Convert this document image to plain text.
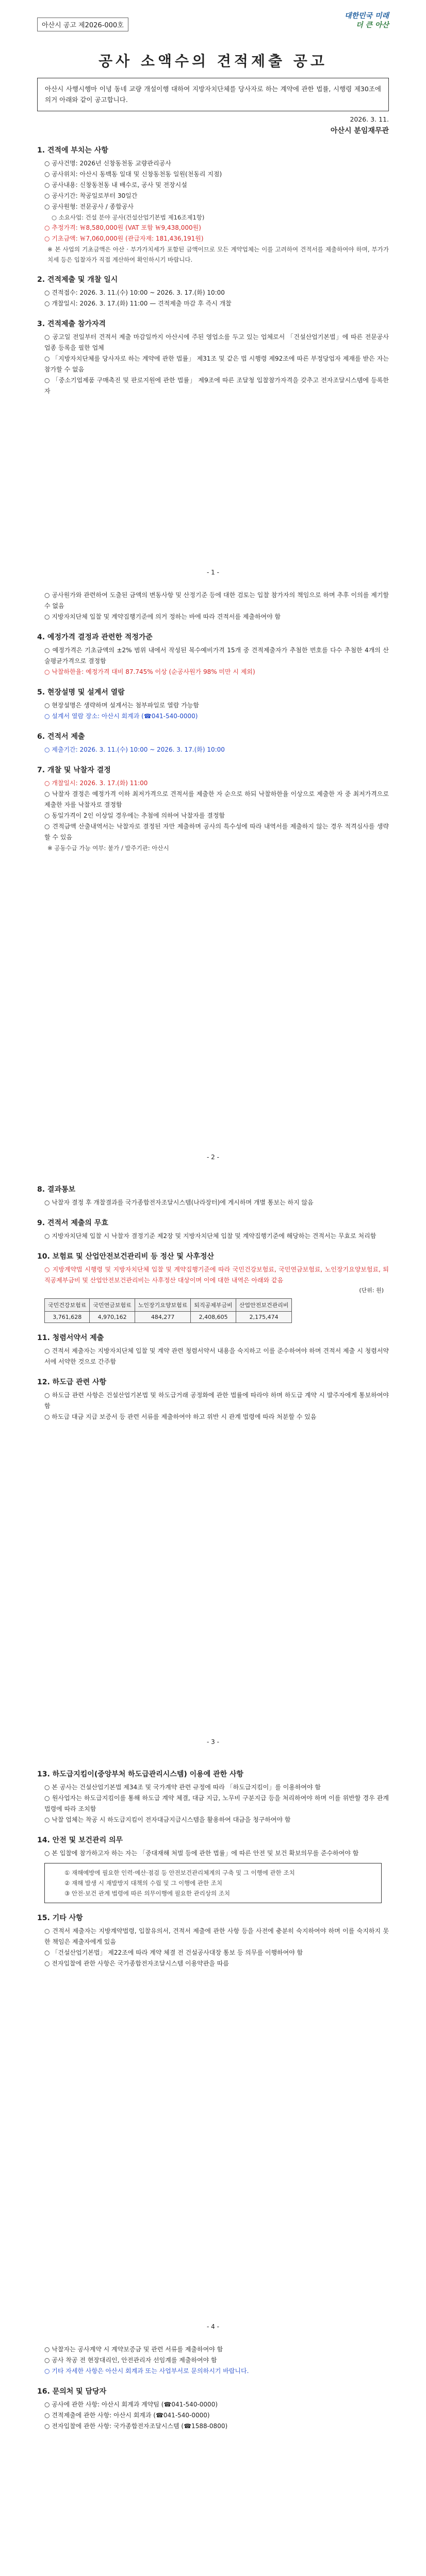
아산시 공고 제2026-000호
대한민국 미래
더 큰 아산
공사 소액수의 견적제출 공고
아산시 사행시행마 이녕 동네 교량 개설이행 대하여 지방자치단체를 당사자로 하는 계약에 관한 법률, 시행령 제30조에 의거 아래와 같이 공고합니다.
2026. 3. 11.
아산시 분임재무관
1. 견적에 부치는 사항
○ 공사건명: 2026년 신창동천동 교량관리공사
○ 공사위치: 아산시 동백동 일대 및 신창동천동 일원(천동리 지점)
○ 공사내용: 신창동천동 내 배수로, 공사 및 전장시설
○ 공사기간: 착공일로부터 30일간
○ 공사원형: 전문공사 / 종합공사
○ 소요사업: 건설 분야 공사(건설산업기본법 제16조제1항)
○ 추정가격: ￦8,580,000원 (VAT 포함 ￦9,438,000원)
○ 기초금액: ￦7,060,000원 (관급자재: 181,436,191원)
※ 본 사업의 기초금액은 아산 · 부가가치세가 포함된 금액이므로 모든 계약업체는 이를 고려하여 견적서를 제출하여야 하며, 부가가치세 등은 입찰자가 직접 계산하여 확인하시기 바랍니다.
2. 견적제출 및 개찰 일시
○ 견적접수: 2026. 3. 11.(수) 10:00 ~ 2026. 3. 17.(화) 10:00
○ 개찰일시: 2026. 3. 17.(화) 11:00 — 견적제출 마감 후 즉시 개찰
3. 견적제출 참가자격
○ 공고일 전일부터 견적서 제출 마감일까지 아산시에 주된 영업소를 두고 있는 업체로서 「건설산업기본법」에 따른 전문공사 업종 등록을 필한 업체
○ 「지방자치단체를 당사자로 하는 계약에 관한 법률」 제31조 및 같은 법 시행령 제92조에 따른 부정당업자 제재를 받은 자는 참가할 수 없음
○ 「중소기업제품 구매촉진 및 판로지원에 관한 법률」 제9조에 따른 조달청 입찰참가자격을 갖추고 전자조달시스템에 등록한 자
- 1 -
○ 공사원가와 관련하여 도출된 금액의 변동사항 및 산정기준 등에 대한 검토는 입찰 참가자의 책임으로 하며 추후 이의를 제기할 수 없음
○ 지방자치단체 입찰 및 계약집행기준에 의거 정하는 바에 따라 견적서를 제출하여야 함
4. 예정가격 결정과 관련한 적정가준
○ 예정가격은 기초금액의 ±2% 범위 내에서 작성된 복수예비가격 15개 중 견적제출자가 추첨한 번호를 다수 추첨한 4개의 산술평균가격으로 결정함
○ 낙찰하한율: 예정가격 대비 87.745% 이상 (순공사원가 98% 미만 시 제외)
5. 현장설명 및 설계서 열람
○ 현장설명은 생략하며 설계서는 첨부파일로 열람 가능함
○ 설계서 열람 장소: 아산시 회계과 (☎041-540-0000)
6. 견적서 제출
○ 제출기간: 2026. 3. 11.(수) 10:00 ~ 2026. 3. 17.(화) 10:00
7. 개찰 및 낙찰자 결정
○ 개찰일시: 2026. 3. 17.(화) 11:00
○ 낙찰자 결정은 예정가격 이하 최저가격으로 견적서를 제출한 자 순으로 하되 낙찰하한율 이상으로 제출한 자 중 최저가격으로 제출한 자를 낙찰자로 결정함
○ 동일가격이 2인 이상일 경우에는 추첨에 의하여 낙찰자를 결정함
○ 견적금액 산출내역서는 낙찰자로 결정된 자만 제출하며 공사의 특수성에 따라 내역서를 제출하지 않는 경우 적격심사를 생략할 수 있음
※ 공동수급 가능 여부: 불가 / 발주기관: 아산시
- 2 -
8. 결과통보
○ 낙찰자 결정 후 개찰결과를 국가종합전자조달시스템(나라장터)에 게시하며 개별 통보는 하지 않음
9. 견적서 제출의 무효
○ 지방자치단체 입찰 시 낙찰자 결정기준 제2장 및 지방자치단체 입찰 및 계약집행기준에 해당하는 견적서는 무효로 처리함
10. 보험료 및 산업안전보건관리비 등 정산 및 사후정산
○ 지방계약법 시행령 및 지방자치단체 입찰 및 계약집행기준에 따라 국민건강보험료, 국민연금보험료, 노인장기요양보험료, 퇴직공제부금비 및 산업안전보건관리비는 사후정산 대상이며 이에 대한 내역은 아래와 같음
(단위: 원)
국민건강보험료	국민연금보험료	노인장기요양보험료	퇴직공제부금비	산업안전보건관리비
3,761,628	4,970,162	484,277	2,408,605	2,175,474
11. 청렴서약서 제출
○ 견적서 제출자는 지방자치단체 입찰 및 계약 관련 청렴서약서 내용을 숙지하고 이를 준수하여야 하며 견적서 제출 시 청렴서약서에 서약한 것으로 간주함
12. 하도급 관련 사항
○ 하도급 관련 사항은 건설산업기본법 및 하도급거래 공정화에 관한 법률에 따라야 하며 하도급 계약 시 발주자에게 통보하여야 함
○ 하도급 대금 지급 보증서 등 관련 서류를 제출하여야 하고 위반 시 관계 법령에 따라 처분할 수 있음
- 3 -
13. 하도급지킴이(중앙부처 하도급관리시스템) 이용에 관한 사항
○ 본 공사는 건설산업기본법 제34조 및 국가계약 관련 규정에 따라 「하도급지킴이」를 이용하여야 함
○ 원사업자는 하도급지킴이를 통해 하도급 계약 체결, 대금 지급, 노무비 구분지급 등을 처리하여야 하며 이를 위반할 경우 관계 법령에 따라 조치함
○ 낙찰 업체는 착공 시 하도급지킴이 전자대금지급시스템을 활용하여 대금을 청구하여야 함
14. 안전 및 보건관리 의무
○ 본 입찰에 참가하고자 하는 자는 「중대재해 처벌 등에 관한 법률」에 따른 안전 및 보건 확보의무를 준수하여야 함
① 재해예방에 필요한 인력·예산·점검 등 안전보건관리체계의 구축 및 그 이행에 관한 조치
② 재해 발생 시 재발방지 대책의 수립 및 그 이행에 관한 조치
③ 안전·보건 관계 법령에 따른 의무이행에 필요한 관리상의 조치
15. 기타 사항
○ 견적서 제출자는 지방계약법령, 입찰유의서, 견적서 제출에 관한 사항 등을 사전에 충분히 숙지하여야 하며 이를 숙지하지 못한 책임은 제출자에게 있음
○ 「건설산업기본법」 제22조에 따라 계약 체결 전 건설공사대장 통보 등 의무를 이행하여야 함
○ 전자입찰에 관한 사항은 국가종합전자조달시스템 이용약관을 따름
- 4 -
○ 낙찰자는 공사계약 시 계약보증금 및 관련 서류를 제출하여야 함
○ 공사 착공 전 현장대리인, 안전관리자 선임계를 제출하여야 함
○ 기타 자세한 사항은 아산시 회계과 또는 사업부서로 문의하시기 바랍니다.
16. 문의처 및 담당자
○ 공사에 관한 사항: 아산시 회계과 계약팀 (☎041-540-0000)
○ 견적제출에 관한 사항: 아산시 회계과 (☎041-540-0000)
○ 전자입찰에 관한 사항: 국가종합전자조달시스템 (☎1588-0800)
